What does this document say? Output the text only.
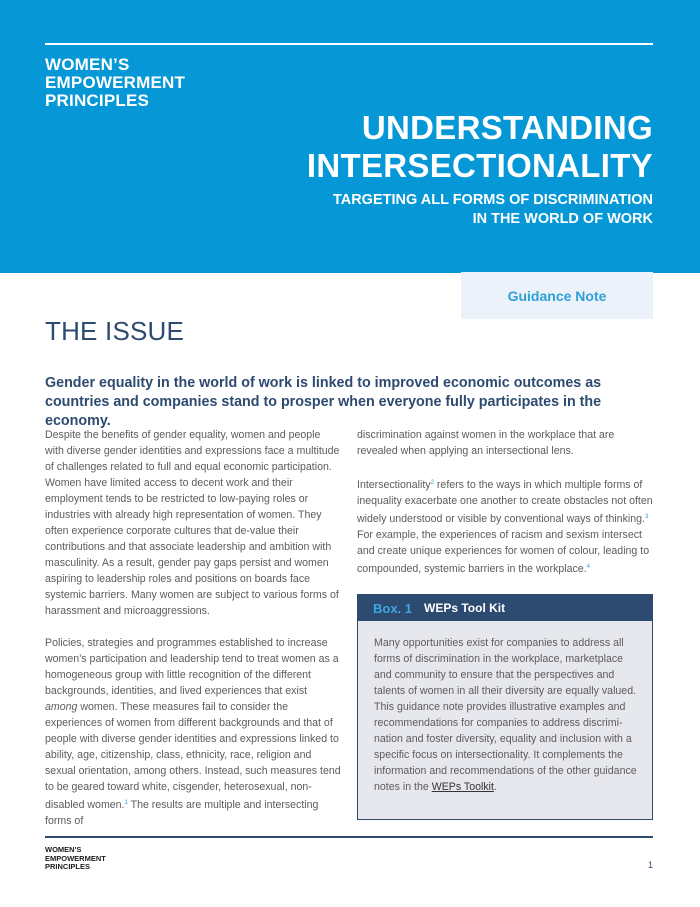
WOMEN’S
EMPOWERMENT
PRINCIPLES
UNDERSTANDING
INTERSECTIONALITY
TARGETING ALL FORMS OF DISCRIMINATION
IN THE WORLD OF WORK
Guidance Note
THE ISSUE

Gender equality in the world of work is linked to improved economic outcomes as countries and companies stand to prosper when everyone fully participates in the economy.

Despite the benefits of gender equality, women and people with diverse gender identities and expressions face a multitude of challenges related to full and equal economic participation. Women have limited access to decent work and their employment tends to be restricted to low-paying roles or industries with already high representation of women. They often experience corporate cultures that de-value their contributions and that associate leadership and ambition with masculinity. As a result, gender pay gaps persist and women aspiring to leadership roles and positions on boards face systemic barriers. Many women are subject to various forms of harassment and microaggressions.

Policies, strategies and programmes established to increase women’s participation and leadership tend to treat women as a homogeneous group with little recognition of the different backgrounds, identities, and lived experiences that exist among women. These measures fail to consider the experiences of women from different backgrounds and that of people with diverse gender identities and expressions linked to ability, age, citizenship, class, ethnicity, race, religion and sexual orientation, among others. Instead, such measures tend to be geared toward white, cisgender, heterosexual, non-disabled women.$^1$ The results are multiple and intersecting forms of

discrimination against women in the workplace that are revealed when applying an intersectional lens.

Intersectionality$^2$ refers to the ways in which multiple forms of inequality exacerbate one another to create obstacles not often widely understood or visible by conventional ways of thinking.$^3$ For example, the experiences of racism and sexism intersect and create unique experiences for women of colour, leading to compounded, systemic barriers in the workplace.$^4$

Box. 1 WEPs Tool Kit
Many opportunities exist for companies to address all forms of discrimination in the workplace, marketplace and community to ensure that the perspectives and talents of women in all their diversity are equally valued. This guidance note provides illustrative examples and recommendations for companies to address discrimination and foster diversity, equality and inclusion with a specific focus on intersectionality. It complements the information and recommendations of the other guidance notes in the WEPs Toolkit.
WOMEN'S
EMPOWERMENT
PRINCIPLES	1
